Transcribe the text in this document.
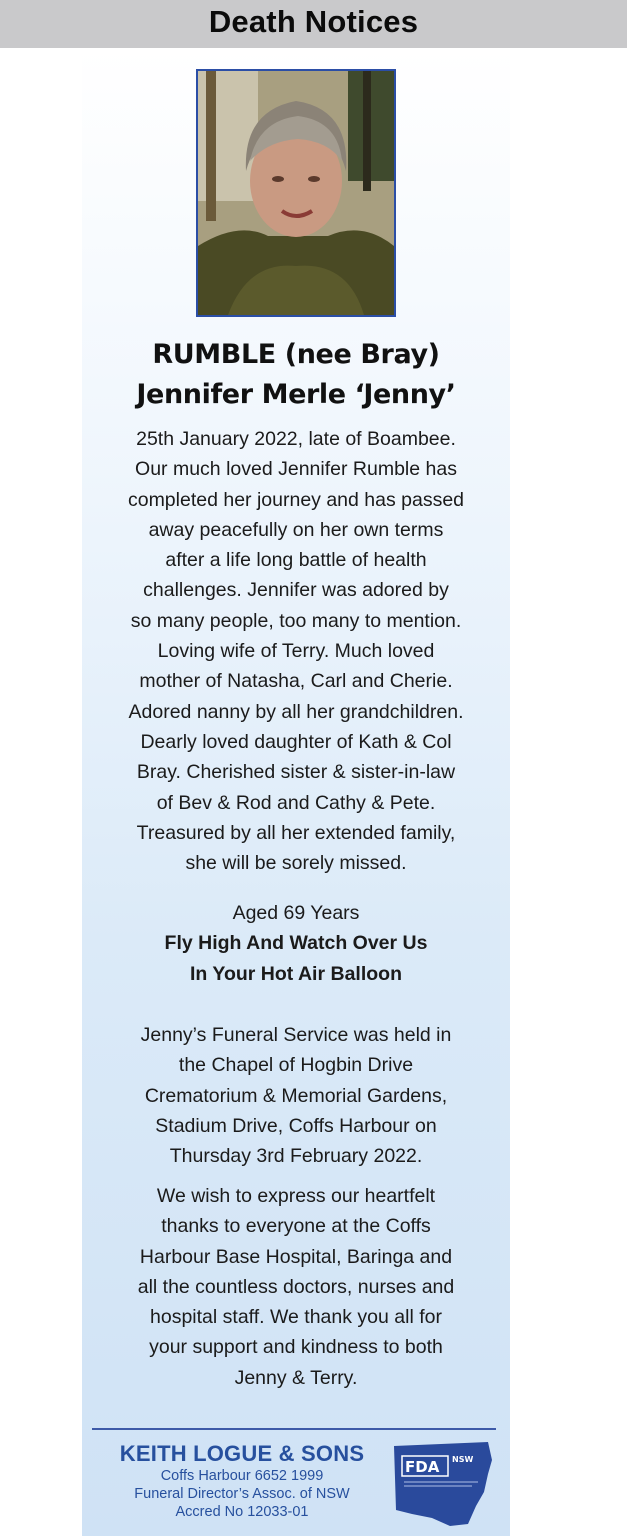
Death Notices
RUMBLE (nee Bray)
Jennifer Merle ‘Jenny’
25th January 2022, late of Boambee.
Our much loved Jennifer Rumble has
completed her journey and has passed
away peacefully on her own terms
after a life long battle of health
challenges. Jennifer was adored by
so many people, too many to mention.
Loving wife of Terry. Much loved
mother of Natasha, Carl and Cherie.
Adored nanny by all her grandchildren.
Dearly loved daughter of Kath & Col
Bray. Cherished sister & sister-in-law
of Bev & Rod and Cathy & Pete.
Treasured by all her extended family,
she will be sorely missed.
Aged 69 Years
Fly High And Watch Over Us
In Your Hot Air Balloon
Jenny’s Funeral Service was held in
the Chapel of Hogbin Drive
Crematorium & Memorial Gardens,
Stadium Drive, Coffs Harbour on
Thursday 3rd February 2022.
We wish to express our heartfelt
thanks to everyone at the Coffs
Harbour Base Hospital, Baringa and
all the countless doctors, nurses and
hospital staff. We thank you all for
your support and kindness to both
Jenny & Terry.
KEITH LOGUE & SONS
Coffs Harbour 6652 1999
Funeral Director’s Assoc. of NSW
Accred No 12033-01
FDA NSW
